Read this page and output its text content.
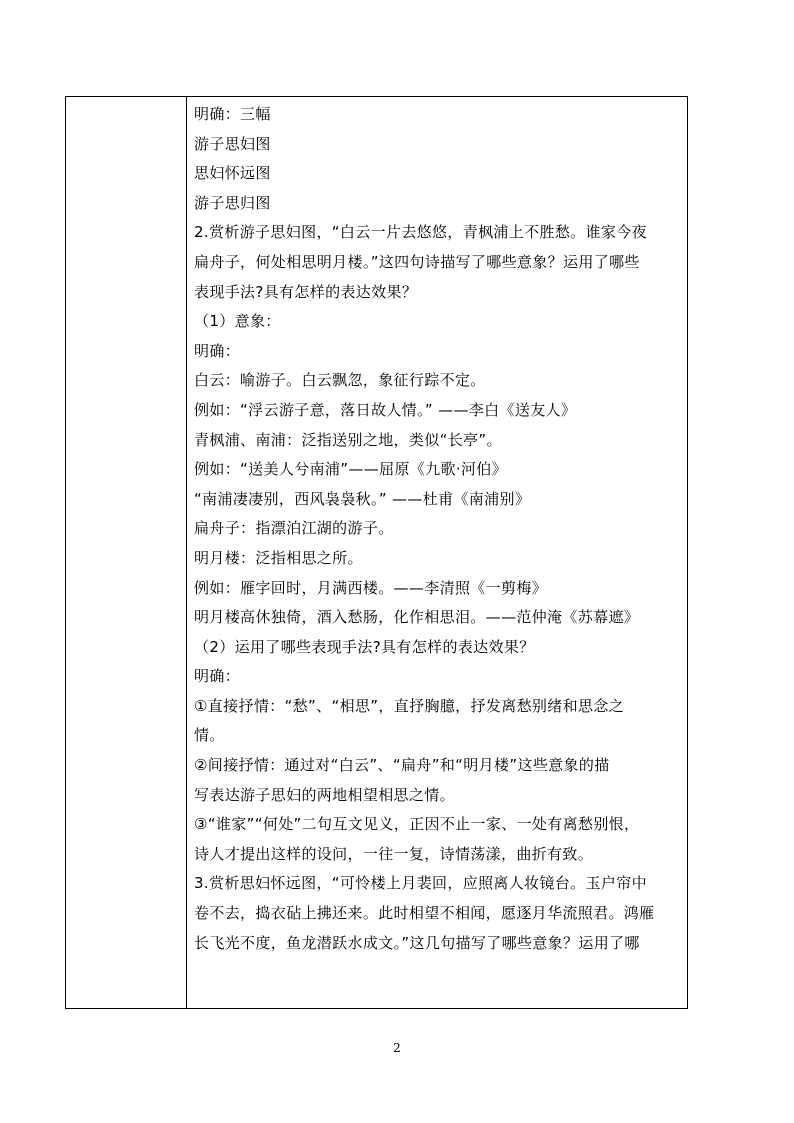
明确：三幅
游子思妇图
思妇怀远图
游子思归图
2.赏析游子思妇图，“白云一片去悠悠，青枫浦上不胜愁。谁家今夜
扁舟子，何处相思明月楼。”这四句诗描写了哪些意象？运用了哪些
表现手法?具有怎样的表达效果？
（1）意象：
明确：
白云：喻游子。白云飘忽，象征行踪不定。
例如：“浮云游子意，落日故人情。” ——李白《送友人》
青枫浦、南浦：泛指送别之地，类似“长亭”。
例如：“送美人兮南浦”——屈原《九歌·河伯》
“南浦凄凄别，西风袅袅秋。” ——杜甫《南浦别》
扁舟子：指漂泊江湖的游子。
明月楼：泛指相思之所。
例如：雁字回时，月满西楼。——李清照《一剪梅》
明月楼高休独倚，酒入愁肠，化作相思泪。——范仲淹《苏幕遮》
（2）运用了哪些表现手法?具有怎样的表达效果？
明确：
①直接抒情：“愁”、“相思”，直抒胸臆，抒发离愁别绪和思念之
情。
②间接抒情：通过对“白云”、“扁舟”和“明月楼”这些意象的描
写表达游子思妇的两地相望相思之情。
③“谁家”“何处”二句互文见义，正因不止一家、一处有离愁别恨，
诗人才提出这样的设问，一往一复，诗情荡漾，曲折有致。
3.赏析思妇怀远图，“可怜楼上月裴回，应照离人妆镜台。玉户帘中
卷不去，捣衣砧上拂还来。此时相望不相闻，愿逐月华流照君。鸿雁
长飞光不度，鱼龙潜跃水成文。”这几句描写了哪些意象？运用了哪
2
